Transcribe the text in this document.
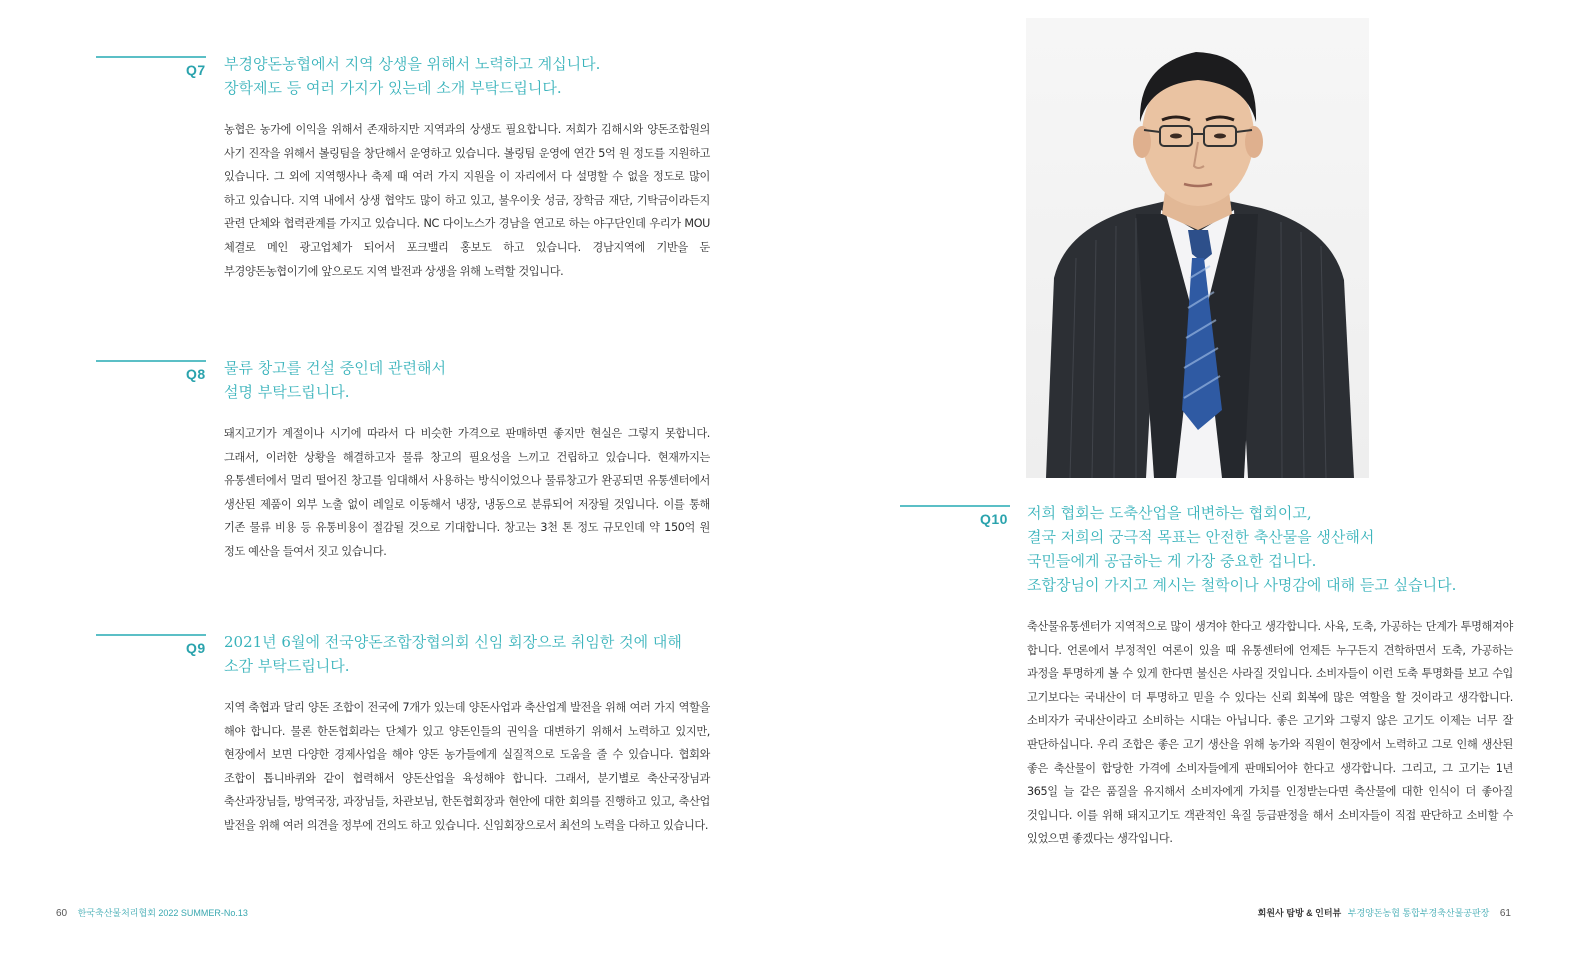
Q7 부경양돈농협에서 지역 상생을 위해서 노력하고 계십니다.
장학제도 등 여러 가지가 있는데 소개 부탁드립니다.
농협은 농가에 이익을 위해서 존재하지만 지역과의 상생도 필요합니다. 저희가 김해시와 양돈조합원의 사기 진작을 위해서 볼링팀을 창단해서 운영하고 있습니다. 볼링팀 운영에 연간 5억 원 정도를 지원하고 있습니다. 그 외에 지역행사나 축제 때 여러 가지 지원을 이 자리에서 다 설명할 수 없을 정도로 많이 하고 있습니다. 지역 내에서 상생 협약도 많이 하고 있고, 불우이웃 성금, 장학금 재단, 기탁금이라든지 관련 단체와 협력관계를 가지고 있습니다. NC 다이노스가 경남을 연고로 하는 야구단인데 우리가 MOU 체결로 메인 광고업체가 되어서 포크밸리 홍보도 하고 있습니다. 경남지역에 기반을 둔 부경양돈농협이기에 앞으로도 지역 발전과 상생을 위해 노력할 것입니다.
Q8 물류 창고를 건설 중인데 관련해서
설명 부탁드립니다.
돼지고기가 계절이나 시기에 따라서 다 비슷한 가격으로 판매하면 좋지만 현실은 그렇지 못합니다. 그래서, 이러한 상황을 해결하고자 물류 창고의 필요성을 느끼고 건립하고 있습니다. 현재까지는 유통센터에서 멀리 떨어진 창고를 임대해서 사용하는 방식이었으나 물류창고가 완공되면 유통센터에서 생산된 제품이 외부 노출 없이 레일로 이동해서 냉장, 냉동으로 분류되어 저장될 것입니다. 이를 통해 기존 물류 비용 등 유통비용이 절감될 것으로 기대합니다. 창고는 3천 톤 정도 규모인데 약 150억 원 정도 예산을 들여서 짓고 있습니다.
Q9 2021년 6월에 전국양돈조합장협의회 신임 회장으로 취임한 것에 대해
소감 부탁드립니다.
지역 축협과 달리 양돈 조합이 전국에 7개가 있는데 양돈사업과 축산업계 발전을 위해 여러 가지 역할을 해야 합니다. 물론 한돈협회라는 단체가 있고 양돈인들의 권익을 대변하기 위해서 노력하고 있지만, 현장에서 보면 다양한 경제사업을 해야 양돈 농가들에게 실질적으로 도움을 줄 수 있습니다. 협회와 조합이 톱니바퀴와 같이 협력해서 양돈산업을 육성해야 합니다. 그래서, 분기별로 축산국장님과 축산과장님들, 방역국장, 과장님들, 차관보님, 한돈협회장과 현안에 대한 회의를 진행하고 있고, 축산업 발전을 위해 여러 의견을 정부에 건의도 하고 있습니다. 신임회장으로서 최선의 노력을 다하고 있습니다.
60 한국축산물처리협회 2022 SUMMER-No.13
Q10 저희 협회는 도축산업을 대변하는 협회이고,
결국 저희의 궁극적 목표는 안전한 축산물을 생산해서
국민들에게 공급하는 게 가장 중요한 겁니다.
조합장님이 가지고 계시는 철학이나 사명감에 대해 듣고 싶습니다.
축산물유통센터가 지역적으로 많이 생겨야 한다고 생각합니다. 사육, 도축, 가공하는 단계가 투명해져야 합니다. 언론에서 부정적인 여론이 있을 때 유통센터에 언제든 누구든지 견학하면서 도축, 가공하는 과정을 투명하게 볼 수 있게 한다면 불신은 사라질 것입니다. 소비자들이 이런 도축 투명화를 보고 수입 고기보다는 국내산이 더 투명하고 믿을 수 있다는 신뢰 회복에 많은 역할을 할 것이라고 생각합니다. 소비자가 국내산이라고 소비하는 시대는 아닙니다. 좋은 고기와 그렇지 않은 고기도 이제는 너무 잘 판단하십니다. 우리 조합은 좋은 고기 생산을 위해 농가와 직원이 현장에서 노력하고 그로 인해 생산된 좋은 축산물이 합당한 가격에 소비자들에게 판매되어야 한다고 생각합니다. 그리고, 그 고기는 1년 365일 늘 같은 품질을 유지해서 소비자에게 가치를 인정받는다면 축산물에 대한 인식이 더 좋아질 것입니다. 이를 위해 돼지고기도 객관적인 육질 등급판정을 해서 소비자들이 직접 판단하고 소비할 수 있었으면 좋겠다는 생각입니다.
회원사 탐방 & 인터뷰 부경양돈농협 통합부경축산물공판장 61
